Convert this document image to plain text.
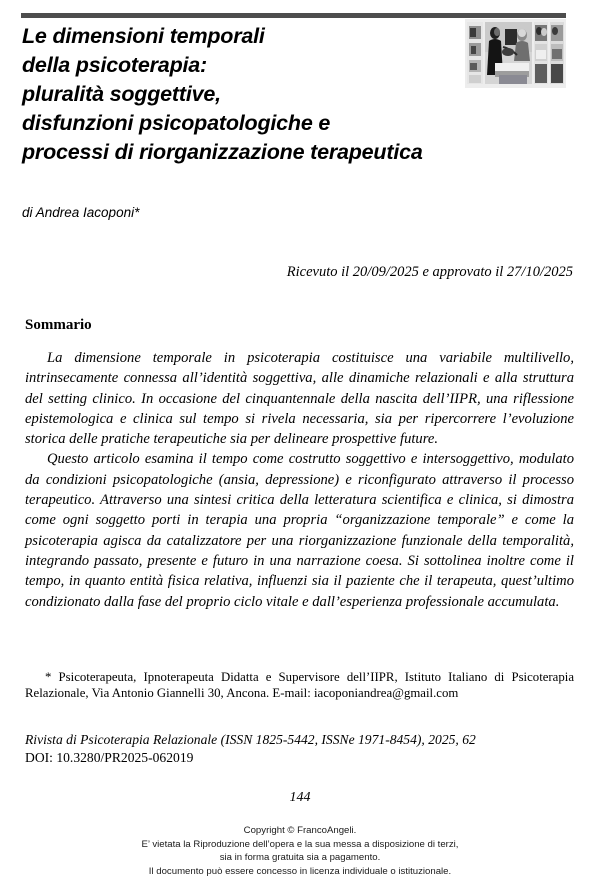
Le dimensioni temporali
della psicoterapia:
pluralità soggettive,
disfunzioni psicopatologiche e
processi di riorganizzazione terapeutica
di Andrea Iacoponi*
Ricevuto il 20/09/2025 e approvato il 27/10/2025
Sommario

La dimensione temporale in psicoterapia costituisce una variabile multilivello, intrinsecamente connessa all’identità soggettiva, alle dinamiche relazionali e alla struttura del setting clinico. In occasione del cinquantennale della nascita dell’IIPR, una riflessione epistemologica e clinica sul tempo si rivela necessaria, sia per ripercorrere l’evoluzione storica delle pratiche terapeutiche sia per delineare prospettive future.

Questo articolo esamina il tempo come costrutto soggettivo e intersoggettivo, modulato da condizioni psicopatologiche (ansia, depressione) e riconfigurato attraverso il processo terapeutico. Attraverso una sintesi critica della letteratura scientifica e clinica, si dimostra come ogni soggetto porti in terapia una propria “organizzazione temporale” e come la psicoterapia agisca da catalizzatore per una riorganizzazione funzionale della temporalità, integrando passato, presente e futuro in una narrazione coesa. Si sottolinea inoltre come il tempo, in quanto entità fisica relativa, influenzi sia il paziente che il terapeuta, quest’ultimo condizionato dalla fase del proprio ciclo vitale e dall’esperienza professionale accumulata.

* Psicoterapeuta, Ipnoterapeuta Didatta e Supervisore dell’IIPR, Istituto Italiano di Psicoterapia Relazionale, Via Antonio Giannelli 30, Ancona. E-mail: iacoponiandrea@gmail.com

Rivista di Psicoterapia Relazionale (ISSN 1825-5442, ISSNe 1971-8454), 2025, 62
DOI: 10.3280/PR2025-062019
144
Copyright © FrancoAngeli.
E’ vietata la Riproduzione dell’opera e la sua messa a disposizione di terzi,
sia in forma gratuita sia a pagamento.
Il documento può essere concesso in licenza individuale o istituzionale.
